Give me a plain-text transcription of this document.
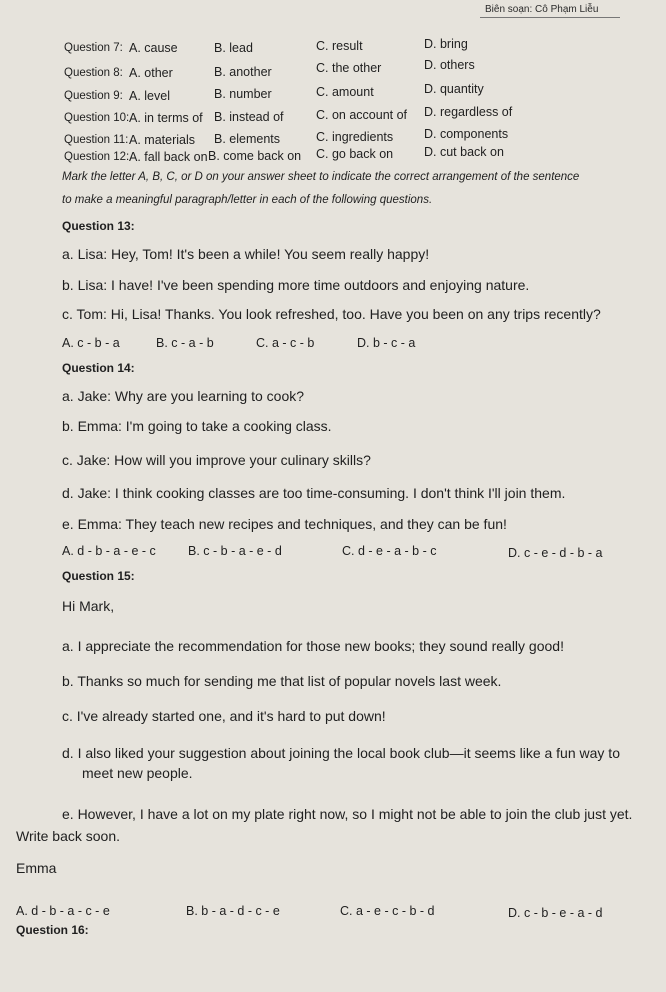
Biên soạn: Cô Phạm Liễu
Question 7: A. cause	B. lead	C. result	D. bring
Question 8: A. other	B. another	C. the other	D. others
Question 9: A. level	B. number	C. amount	D. quantity
Question 10: A. in terms of B. instead of	C. on account of D. regardless of
Question 11: A. materials B. elements	C. ingredients D. components
Question 12: A. fall back on B. come back on C. go back on D. cut back on
Mark the letter A, B, C, or D on your answer sheet to indicate the correct arrangement of the sentence
to make a meaningful paragraph/letter in each of the following questions.
Question 13:
a. Lisa: Hey, Tom! It's been a while! You seem really happy!
b. Lisa: I have! I've been spending more time outdoors and enjoying nature.
c. Tom: Hi, Lisa! Thanks. You look refreshed, too. Have you been on any trips recently?
A. c - b - a	B. c - a - b	C. a - c - b	D. b - c - a
Question 14:
a. Jake: Why are you learning to cook?
b. Emma: I'm going to take a cooking class.
c. Jake: How will you improve your culinary skills?
d. Jake: I think cooking classes are too time-consuming. I don't think I'll join them.
e. Emma: They teach new recipes and techniques, and they can be fun!
A. d - b - a - e - c	B. c - b - a - e - d	C. d - e - a - b - c	D. c - e - d - b - a
Question 15:
Hi Mark,
a. I appreciate the recommendation for those new books; they sound really good!
b. Thanks so much for sending me that list of popular novels last week.
c. I've already started one, and it's hard to put down!
d. I also liked your suggestion about joining the local book club—it seems like a fun way to
meet new people.
e. However, I have a lot on my plate right now, so I might not be able to join the club just yet.
Write back soon.
Emma
A. d - b - a - c - e	B. b - a - d - c - e	C. a - e - c - b - d	D. c - b - e - a - d
Question 16:
